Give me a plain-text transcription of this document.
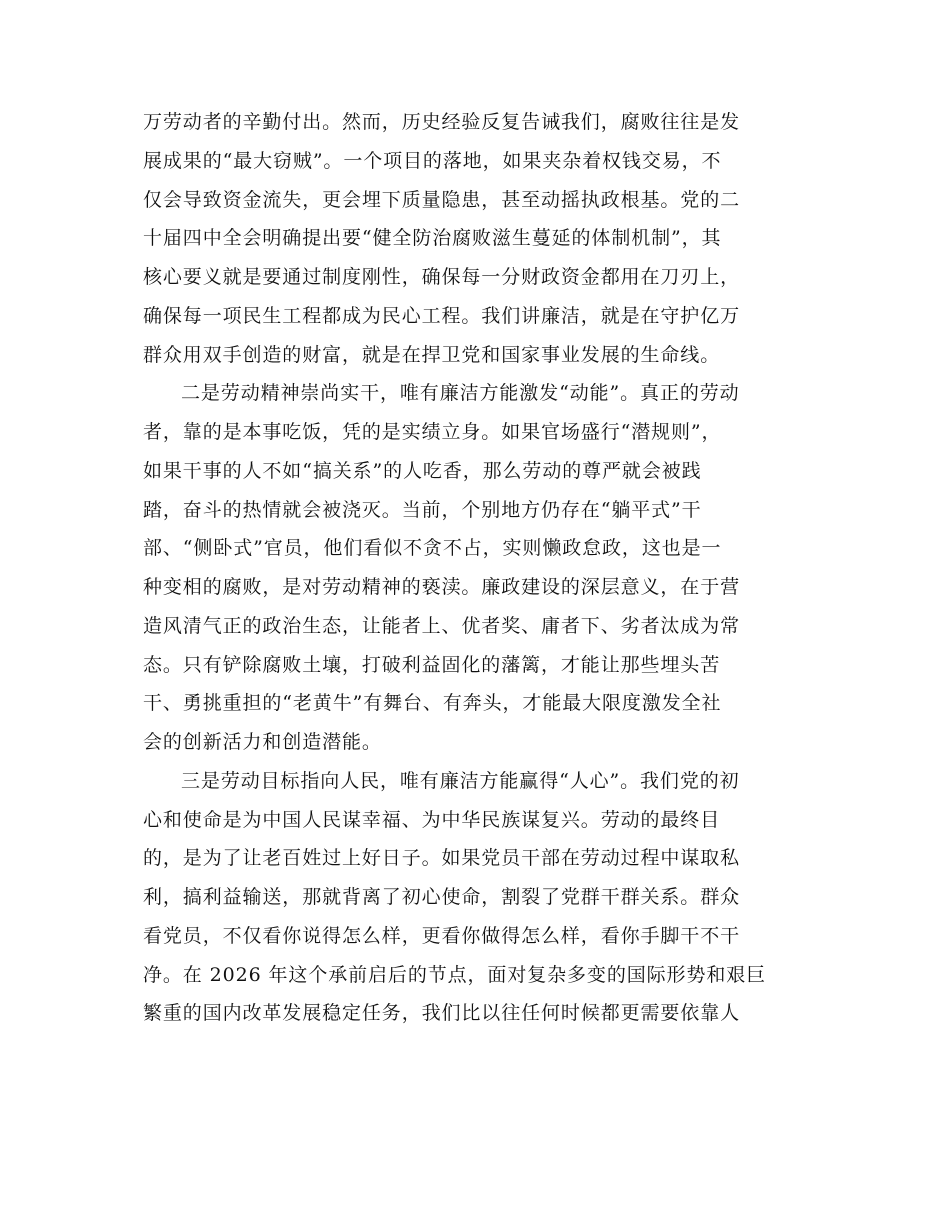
万劳动者的辛勤付出。然而，历史经验反复告诫我们，腐败往往是发
展成果的“最大窃贼”。一个项目的落地，如果夹杂着权钱交易，不
仅会导致资金流失，更会埋下质量隐患，甚至动摇执政根基。党的二
十届四中全会明确提出要“健全防治腐败滋生蔓延的体制机制”，其
核心要义就是要通过制度刚性，确保每一分财政资金都用在刀刃上，
确保每一项民生工程都成为民心工程。我们讲廉洁，就是在守护亿万
群众用双手创造的财富，就是在捍卫党和国家事业发展的生命线。
二是劳动精神崇尚实干，唯有廉洁方能激发“动能”。真正的劳动
者，靠的是本事吃饭，凭的是实绩立身。如果官场盛行“潜规则”，
如果干事的人不如“搞关系”的人吃香，那么劳动的尊严就会被践
踏，奋斗的热情就会被浇灭。当前，个别地方仍存在“躺平式”干
部、“侧卧式”官员，他们看似不贪不占，实则懒政怠政，这也是一
种变相的腐败，是对劳动精神的亵渎。廉政建设的深层意义，在于营
造风清气正的政治生态，让能者上、优者奖、庸者下、劣者汰成为常
态。只有铲除腐败土壤，打破利益固化的藩篱，才能让那些埋头苦
干、勇挑重担的“老黄牛”有舞台、有奔头，才能最大限度激发全社
会的创新活力和创造潜能。
三是劳动目标指向人民，唯有廉洁方能赢得“人心”。我们党的初
心和使命是为中国人民谋幸福、为中华民族谋复兴。劳动的最终目
的，是为了让老百姓过上好日子。如果党员干部在劳动过程中谋取私
利，搞利益输送，那就背离了初心使命，割裂了党群干群关系。群众
看党员，不仅看你说得怎么样，更看你做得怎么样，看你手脚干不干
净。在 2026 年这个承前启后的节点，面对复杂多变的国际形势和艰巨
繁重的国内改革发展稳定任务，我们比以往任何时候都更需要依靠人
